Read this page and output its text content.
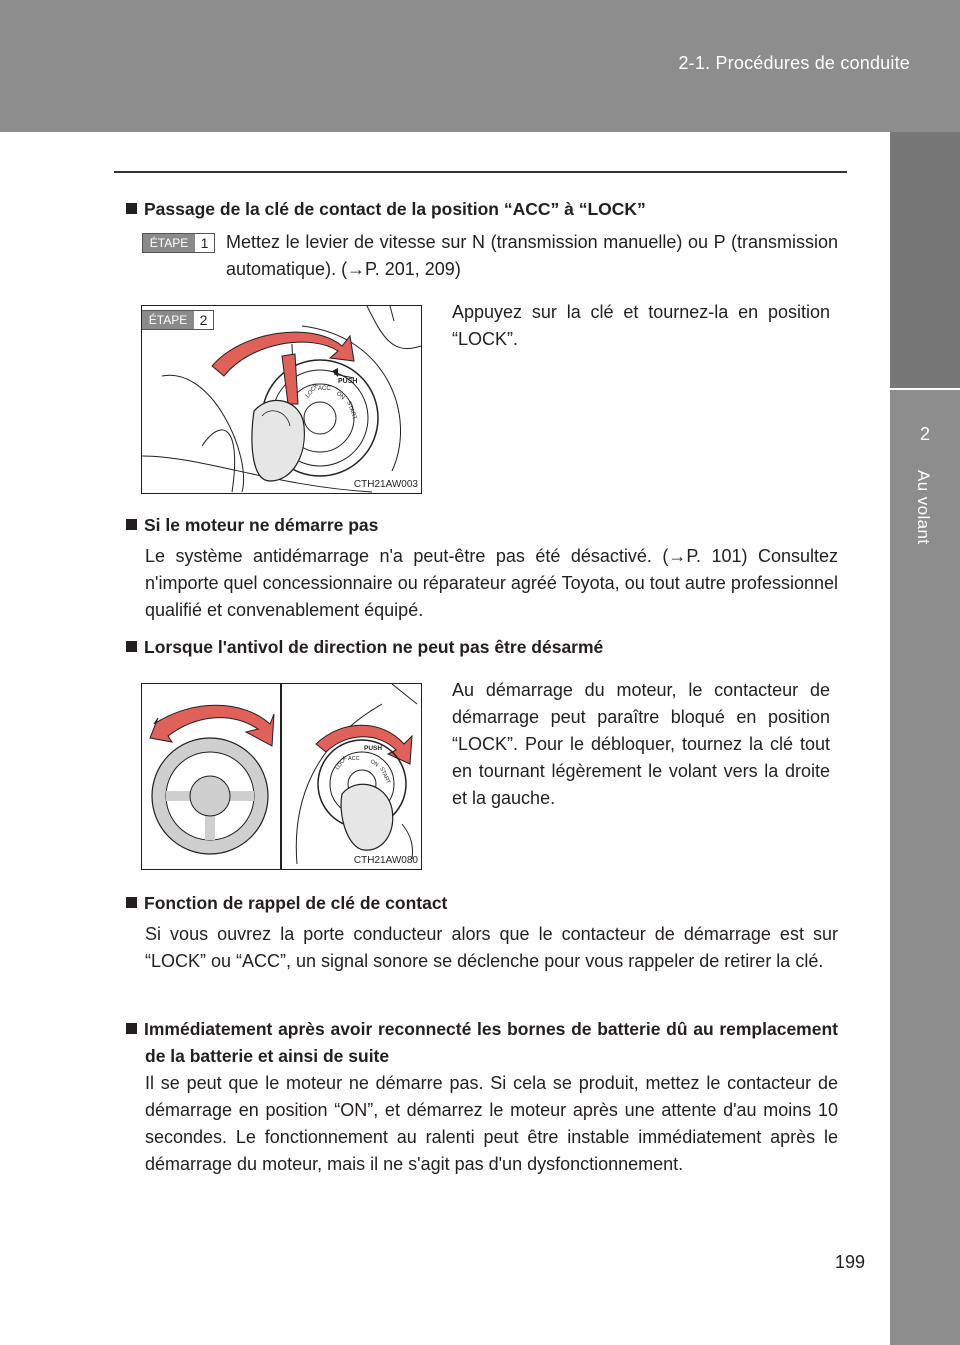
2-1. Procédures de conduite
2
Au volant
Passage de la clé de contact de la position “ACC” à “LOCK”
ÉTAPE 1 Mettez le levier de vitesse sur N (transmission manuelle) ou P (transmission automatique). (→P. 201, 209)
PUSH
LOCK
ACC
ON
START
ÉTAPE 2
CTH21AW003
Appuyez sur la clé et tournez-la en position “LOCK”.
Si le moteur ne démarre pas
Le système antidémarrage n'a peut-être pas été désactivé. (→P. 101) Consultez n'importe quel concessionnaire ou réparateur agréé Toyota, ou tout autre professionnel qualifié et convenablement équipé.
Lorsque l'antivol de direction ne peut pas être désarmé
PUSH
LOCK ACC ON
START
CTH21AW080
Au démarrage du moteur, le contacteur de démarrage peut paraître bloqué en position “LOCK”. Pour le débloquer, tournez la clé tout en tournant légèrement le volant vers la droite et la gauche.
Fonction de rappel de clé de contact
Si vous ouvrez la porte conducteur alors que le contacteur de démarrage est sur “LOCK” ou “ACC”, un signal sonore se déclenche pour vous rappeler de retirer la clé.
Immédiatement après avoir reconnecté les bornes de batterie dû au remplacement de la batterie et ainsi de suite
Il se peut que le moteur ne démarre pas. Si cela se produit, mettez le contacteur de démarrage en position “ON”, et démarrez le moteur après une attente d'au moins 10 secondes. Le fonctionnement au ralenti peut être instable immédiatement après le démarrage du moteur, mais il ne s'agit pas d'un dysfonctionnement.
199
